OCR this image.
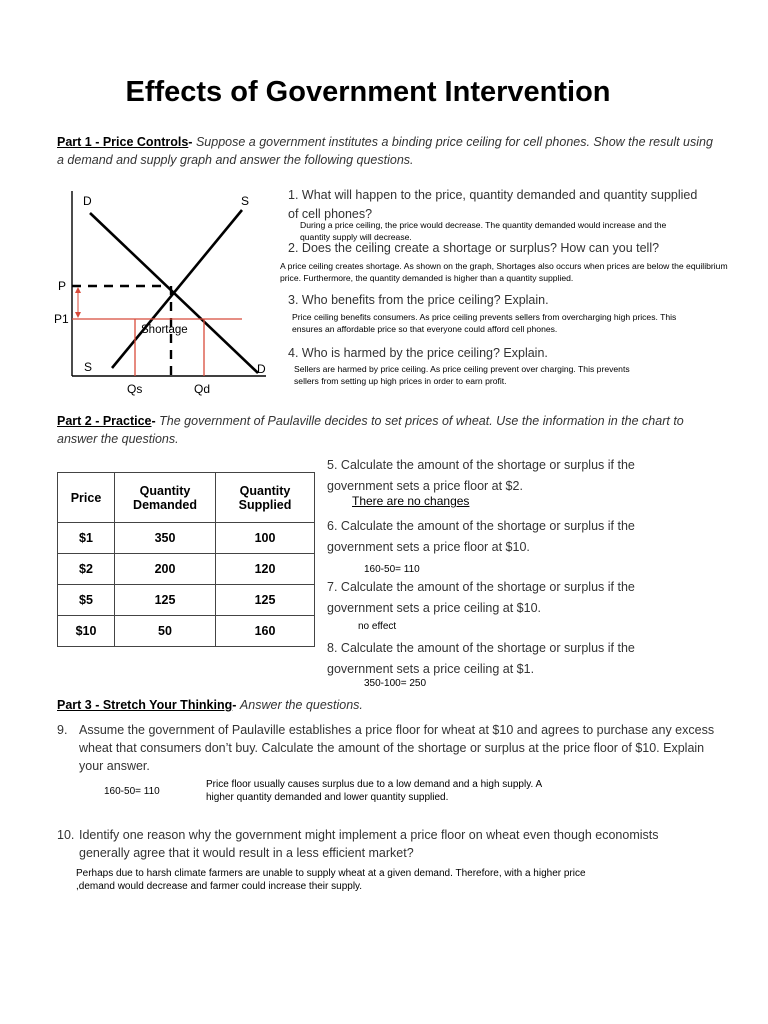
Effects of Government Intervention
Part 1 - Price Controls- Suppose a government institutes a binding price ceiling for cell phones. Show the result using a demand and supply graph and answer the following questions.
D	S
P
P1
Shortage
S	D
Qs	Qd
1. What will happen to the price, quantity demanded and quantity supplied of cell phones?
During a price ceiling, the price would decrease. The quantity demanded would increase and the quantity supply will decrease.
2. Does the ceiling create a shortage or surplus? How can you tell?
A price ceiling creates shortage. As shown on the graph, Shortages also occurs when prices are below the equilibrium price. Furthermore, the quantity demanded is higher than a quantity supplied.
3. Who benefits from the price ceiling? Explain.
Price ceiling benefits consumers. As price ceiling prevents sellers from overcharging high prices. This ensures an affordable price so that everyone could afford cell phones.
4. Who is harmed by the price ceiling? Explain.
Sellers are harmed by price ceiling. As price ceiling prevent over charging. This prevents sellers from setting up high prices in order to earn profit.
Part 2 - Practice- The government of Paulaville decides to set prices of wheat. Use the information in the chart to answer the questions.
Price	Quantity Demanded	Quantity Supplied
$1	350	100
$2	200	120
$5	125	125
$10	50	160
5. Calculate the amount of the shortage or surplus if the government sets a price floor at $2.
There are no changes
6. Calculate the amount of the shortage or surplus if the government sets a price floor at $10.
160-50= 110
7. Calculate the amount of the shortage or surplus if the government sets a price ceiling at $10.
no effect
8. Calculate the amount of the shortage or surplus if the government sets a price ceiling at $1.
350-100= 250
Part 3 - Stretch Your Thinking- Answer the questions.
9. Assume the government of Paulaville establishes a price floor for wheat at $10 and agrees to purchase any excess wheat that consumers don’t buy. Calculate the amount of the shortage or surplus at the price floor of $10. Explain your answer.
160-50= 110
Price floor usually causes surplus due to a low demand and a high supply. A higher quantity demanded and lower quantity supplied.
10. Identify one reason why the government might implement a price floor on wheat even though economists generally agree that it would result in a less efficient market?
Perhaps due to harsh climate farmers are unable to supply wheat at a given demand. Therefore, with a higher price ,demand would decrease and farmer could increase their supply.
